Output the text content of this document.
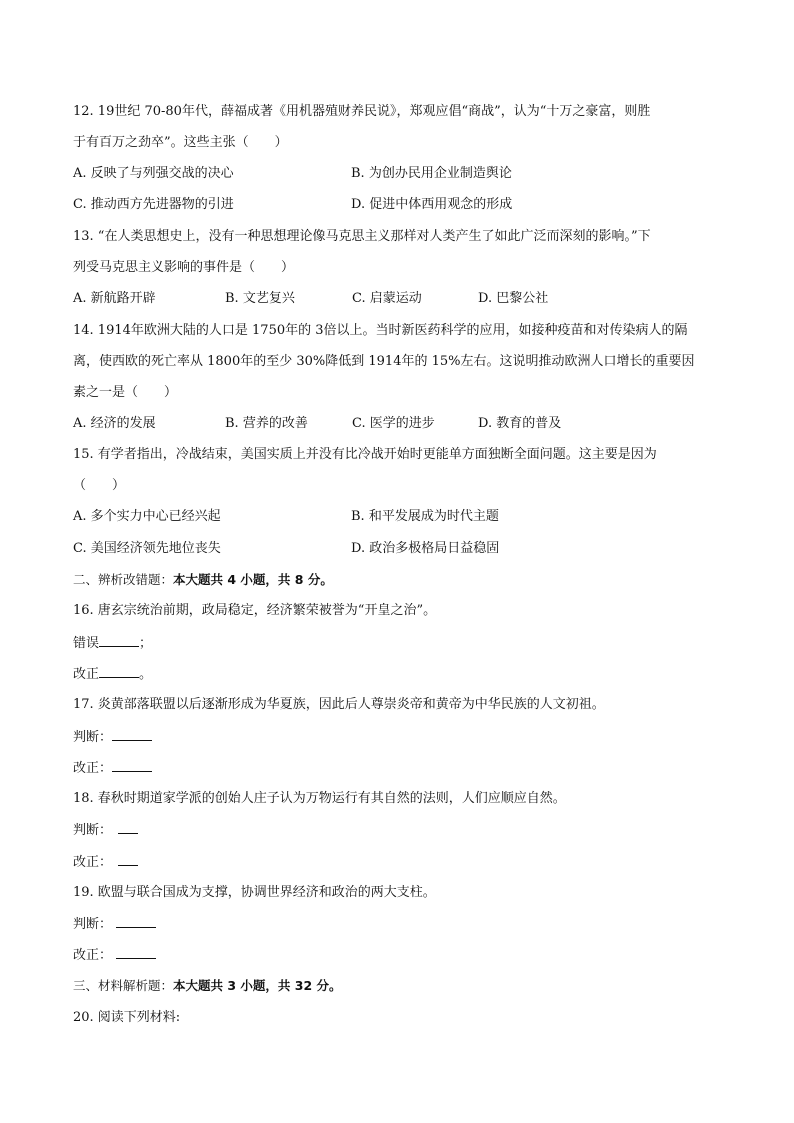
12. 19世纪 70-80年代，薛福成著《用机器殖财养民说》，郑观应倡“商战”，认为“十万之豪富，则胜
于有百万之劲卒”。这些主张（　　）
A. 反映了与列强交战的决心	B. 为创办民用企业制造舆论
C. 推动西方先进器物的引进	D. 促进中体西用观念的形成
13. “在人类思想史上，没有一种思想理论像马克思主义那样对人类产生了如此广泛而深刻的影响。”下
列受马克思主义影响的事件是（　　）
A. 新航路开辟	B. 文艺复兴	C. 启蒙运动	D. 巴黎公社
14. 1914年欧洲大陆的人口是 1750年的 3倍以上。当时新医药科学的应用，如接种疫苗和对传染病人的隔
离，使西欧的死亡率从 1800年的至少 30%降低到 1914年的 15%左右。这说明推动欧洲人口增长的重要因
素之一是（　　）
A. 经济的发展	B. 营养的改善	C. 医学的进步	D. 教育的普及
15. 有学者指出，冷战结束，美国实质上并没有比冷战开始时更能单方面独断全面问题。这主要是因为
（　　）
A. 多个实力中心已经兴起	B. 和平发展成为时代主题
C. 美国经济领先地位丧失	D. 政治多极格局日益稳固
二、辨析改错题：本大题共 4 小题，共 8 分。
16. 唐玄宗统治前期，政局稳定，经济繁荣被誉为“开皇之治”。
错误	；
改正	。
17. 炎黄部落联盟以后逐渐形成为华夏族，因此后人尊崇炎帝和黄帝为中华民族的人文初祖。
判断：
改正：
18. 春秋时期道家学派的创始人庄子认为万物运行有其自然的法则，人们应顺应自然。
判断：
改正：
19. 欧盟与联合国成为支撑，协调世界经济和政治的两大支柱。
判断：
改正：
三、材料解析题：本大题共 3 小题，共 32 分。
20. 阅读下列材料:
